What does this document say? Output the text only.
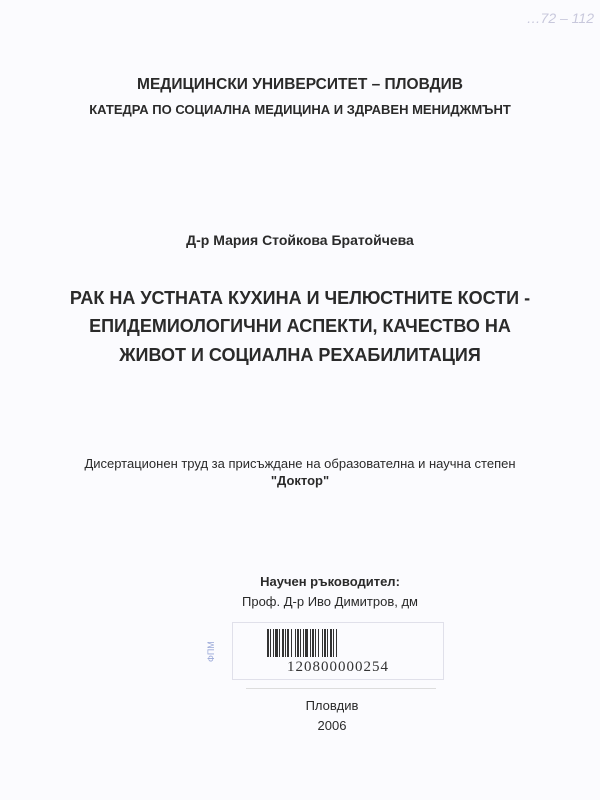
…72 – 112
МЕДИЦИНСКИ УНИВЕРСИТЕТ – ПЛОВДИВ
КАТЕДРА ПО СОЦИАЛНА МЕДИЦИНА И ЗДРАВЕН МЕНИДЖМЪНТ
Д-р Мария Стойкова Братойчева
РАК НА УСТНАТА КУХИНА И ЧЕЛЮСТНИТЕ КОСТИ -
ЕПИДЕМИОЛОГИЧНИ АСПЕКТИ, КАЧЕСТВО НА
ЖИВОТ И СОЦИАЛНА РЕХАБИЛИТАЦИЯ
Дисертационен труд за присъждане на образователна и научна степен
"Доктор"
Научен ръководител:
Проф. Д-р Иво Димитров, дм
ФПМ
120800000254
Пловдив
2006
